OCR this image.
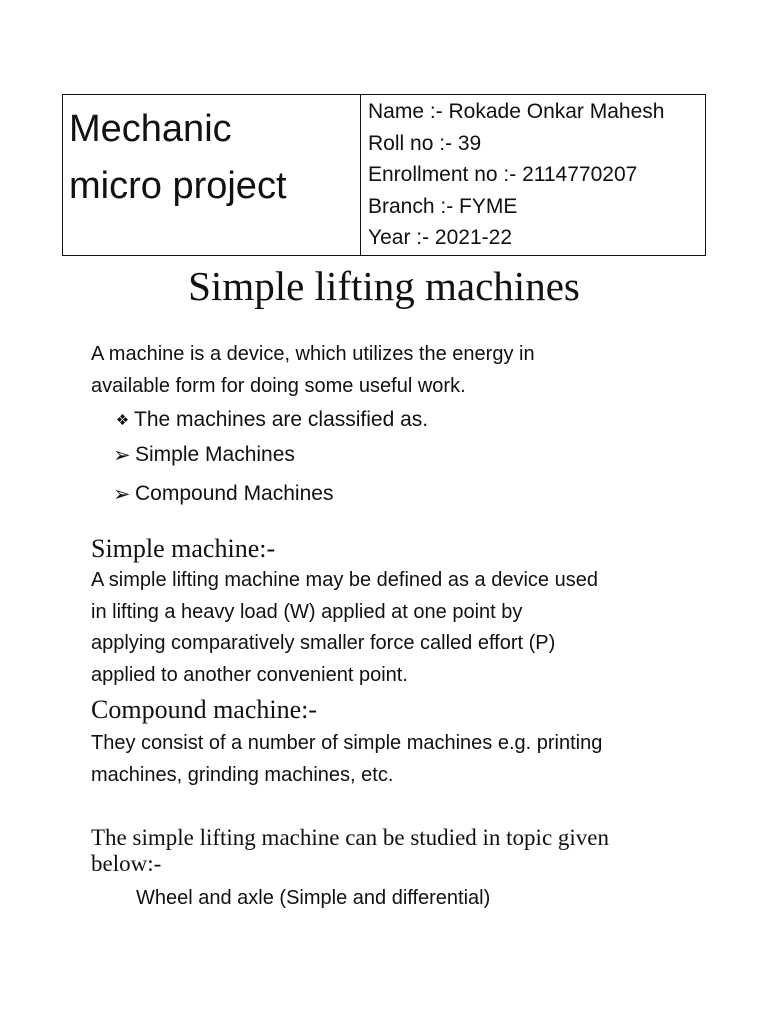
Mechanic
micro project
Name :- Rokade Onkar Mahesh
Roll no :- 39
Enrollment no :- 2114770207
Branch :- FYME
Year :- 2021-22
Simple lifting machines
A machine is a device, which utilizes the energy in
available form for doing some useful work.
❖ The machines are classified as.
➢ Simple Machines
➢ Compound Machines
Simple machine:-
A simple lifting machine may be defined as a device used
in lifting a heavy load (W) applied at one point by
applying comparatively smaller force called effort (P)
applied to another convenient point.
Compound machine:-
They consist of a number of simple machines e.g. printing
machines, grinding machines, etc.
The simple lifting machine can be studied in topic given
below:-
Wheel and axle (Simple and differential)
